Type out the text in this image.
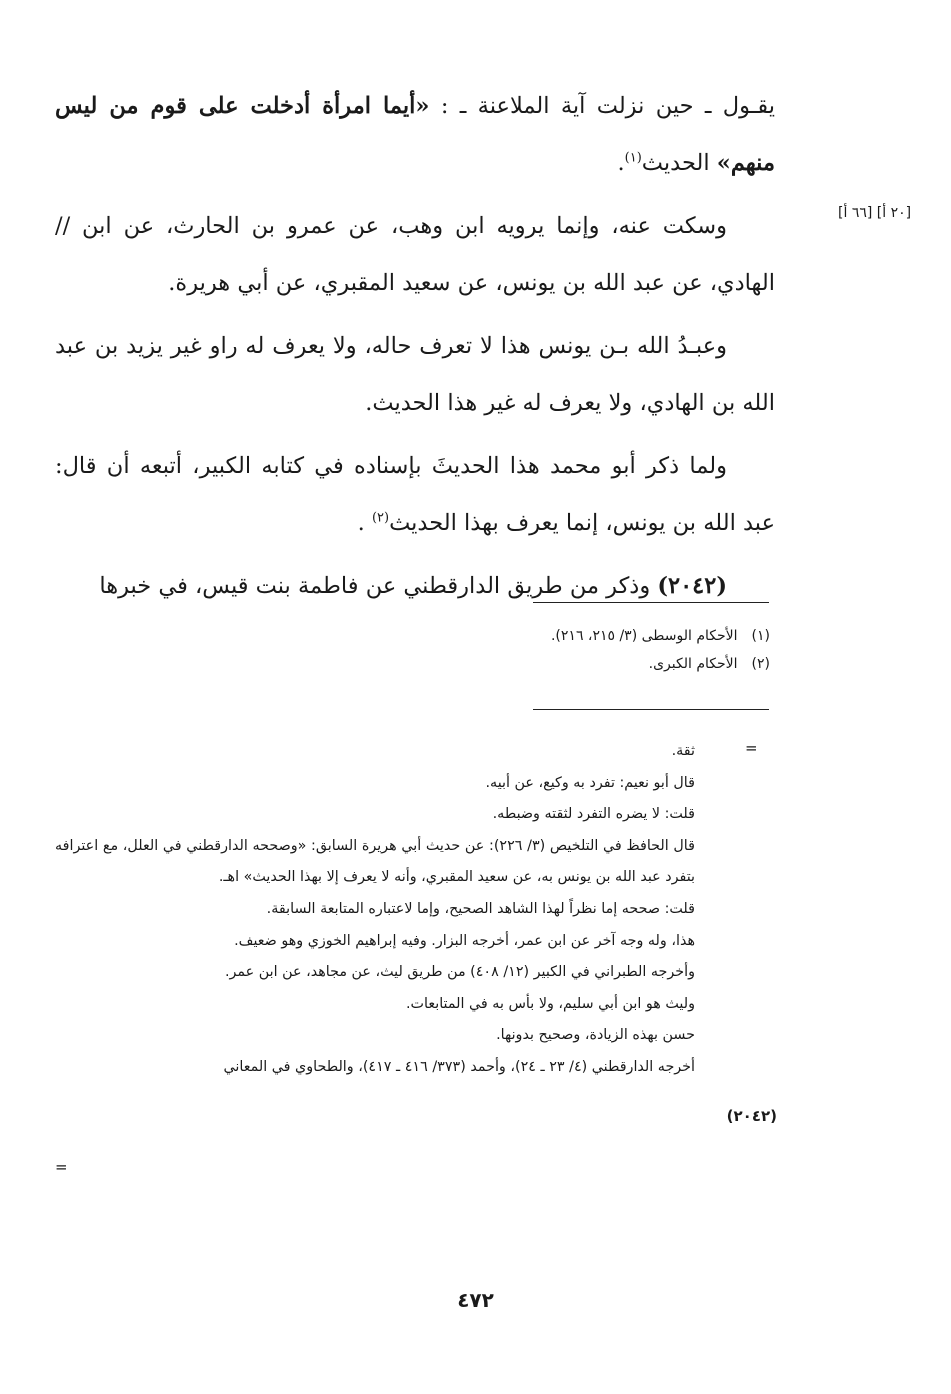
[٢٠ أ] [٦٦ أ]

يقـول ـ حين نزلت آية الملاعنة ـ : «أيما امرأة أدخلت على قوم من ليس منهم» الحديث$^{(١)}$.

وسكت عنه، وإنما يرويه ابن وهب، عن عمرو بن الحارث، عن ابن // الهادي، عن عبد الله بن يونس، عن سعيد المقبري، عن أبي هريرة.

وعبـدُ الله بـن يونس هذا لا تعرف حاله، ولا يعرف له راو غير يزيد بن عبد الله بن الهادي، ولا يعرف له غير هذا الحديث.

ولما ذكر أبو محمد هذا الحديثَ بإسناده في كتابه الكبير، أتبعه أن قال: عبد الله بن يونس، إنما يعرف بهذا الحديث$^{(٢)}$ .

(٢٠٤٢) وذكر من طريق الدارقطني عن فاطمة بنت قيس، في خبرها

(١)
الأحكام الوسطى (٣/ ٢١٥، ٢١٦).
(٢)
الأحكام الكبرى.
=

ثقة.

قال أبو نعيم: تفرد به وكيع، عن أبيه.

قلت: لا يضره التفرد لثقته وضبطه.

قال الحافظ في التلخيص (٣/ ٢٢٦): عن حديث أبي هريرة السابق: «وصححه الدارقطني في العلل، مع اعترافه بتفرد عبد الله بن يونس به، عن سعيد المقبري، وأنه لا يعرف إلا بهذا الحديث» اهـ.

قلت: صححه إما نظراً لهذا الشاهد الصحيح، وإما لاعتباره المتابعة السابقة.

هذا، وله وجه آخر عن ابن عمر، أخرجه البزار. وفيه إبراهيم الخوزي وهو ضعيف.

وأخرجه الطبراني في الكبير (١٢/ ٤٠٨) من طريق ليث، عن مجاهد، عن ابن عمر.

وليث هو ابن أبي سليم، ولا بأس به في المتابعات.

حسن بهذه الزيادة، وصحيح بدونها.

أخرجه الدارقطني (٤/ ٢٣ ـ ٢٤)، وأحمد (٣٧٣/ ٤١٦ ـ ٤١٧)، والطحاوي في المعاني

(٢٠٤٢)
=
٤٧٢
